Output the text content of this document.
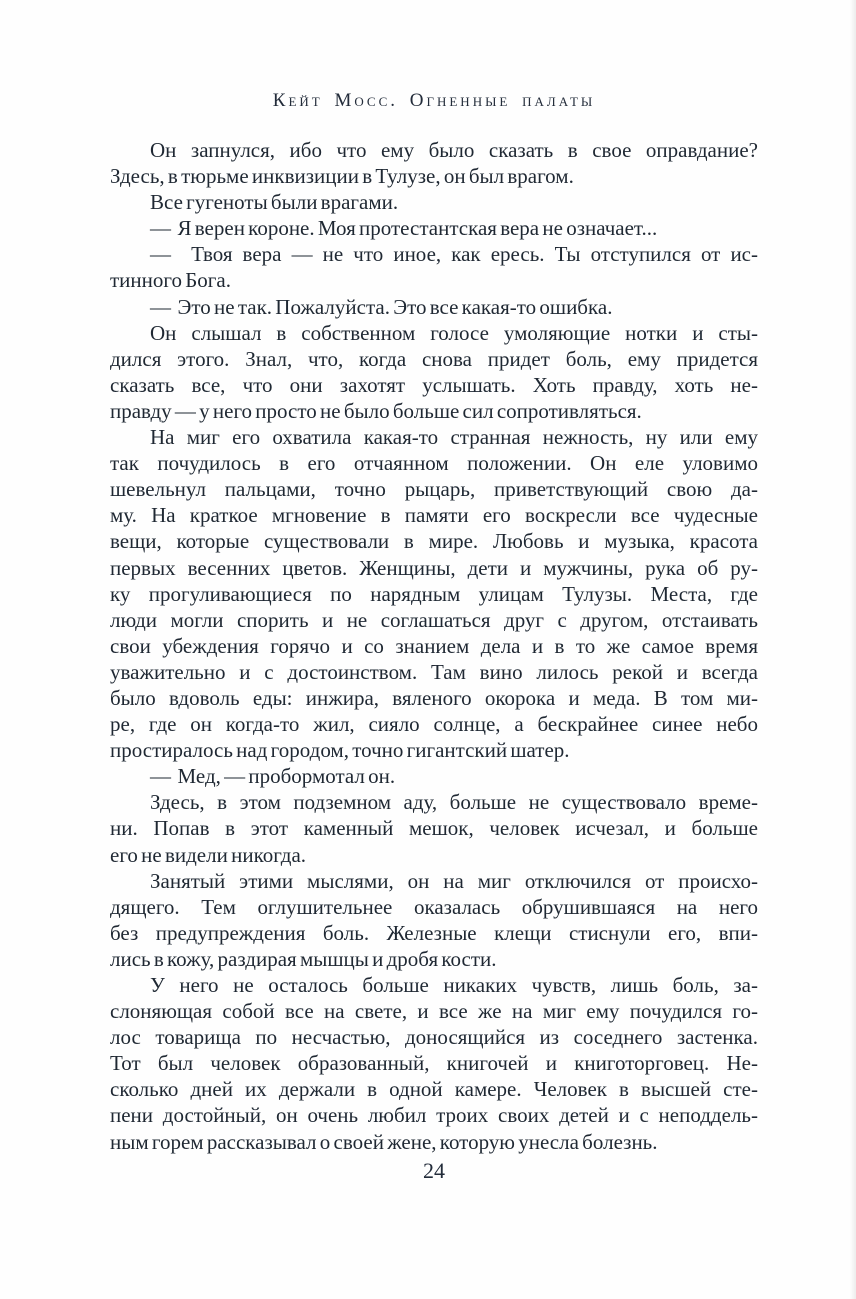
Кейт Мосс. Огненные палаты
Он запнулся, ибо что ему было сказать в свое оправдание?
Здесь, в тюрьме инквизиции в Тулузе, он был врагом.
Все гугеноты были врагами.
—  Я верен короне. Моя протестантская вера не означает...
—  Твоя вера — не что иное, как ересь. Ты отступился от ис-
тинного Бога.
—  Это не так. Пожалуйста. Это все какая-то ошибка.
Он слышал в собственном голосе умоляющие нотки и сты-
дился этого. Знал, что, когда снова придет боль, ему придется
сказать все, что они захотят услышать. Хоть правду, хоть не-
правду — у него просто не было больше сил сопротивляться.
На миг его охватила какая-то странная нежность, ну или ему
так почудилось в его отчаянном положении. Он еле уловимо
шевельнул пальцами, точно рыцарь, приветствующий свою да-
му. На краткое мгновение в памяти его воскресли все чудесные
вещи, которые существовали в мире. Любовь и музыка, красота
первых весенних цветов. Женщины, дети и мужчины, рука об ру-
ку прогуливающиеся по нарядным улицам Тулузы. Места, где
люди могли спорить и не соглашаться друг с другом, отстаивать
свои убеждения горячо и со знанием дела и в то же самое время
уважительно и с достоинством. Там вино лилось рекой и всегда
было вдоволь еды: инжира, вяленого окорока и меда. В том ми-
ре, где он когда-то жил, сияло солнце, а бескрайнее синее небо
простиралось над городом, точно гигантский шатер.
—  Мед, — пробормотал он.
Здесь, в этом подземном аду, больше не существовало време-
ни. Попав в этот каменный мешок, человек исчезал, и больше
его не видели никогда.
Занятый этими мыслями, он на миг отключился от происхо-
дящего. Тем оглушительнее оказалась обрушившаяся на него
без предупреждения боль. Железные клещи стиснули его, впи-
лись в кожу, раздирая мышцы и дробя кости.
У него не осталось больше никаких чувств, лишь боль, за-
слоняющая собой все на свете, и все же на миг ему почудился го-
лос товарища по несчастью, доносящийся из соседнего застенка.
Тот был человек образованный, книгочей и книготорговец. Не-
сколько дней их держали в одной камере. Человек в высшей сте-
пени достойный, он очень любил троих своих детей и с неподдель-
ным горем рассказывал о своей жене, которую унесла болезнь.
24
